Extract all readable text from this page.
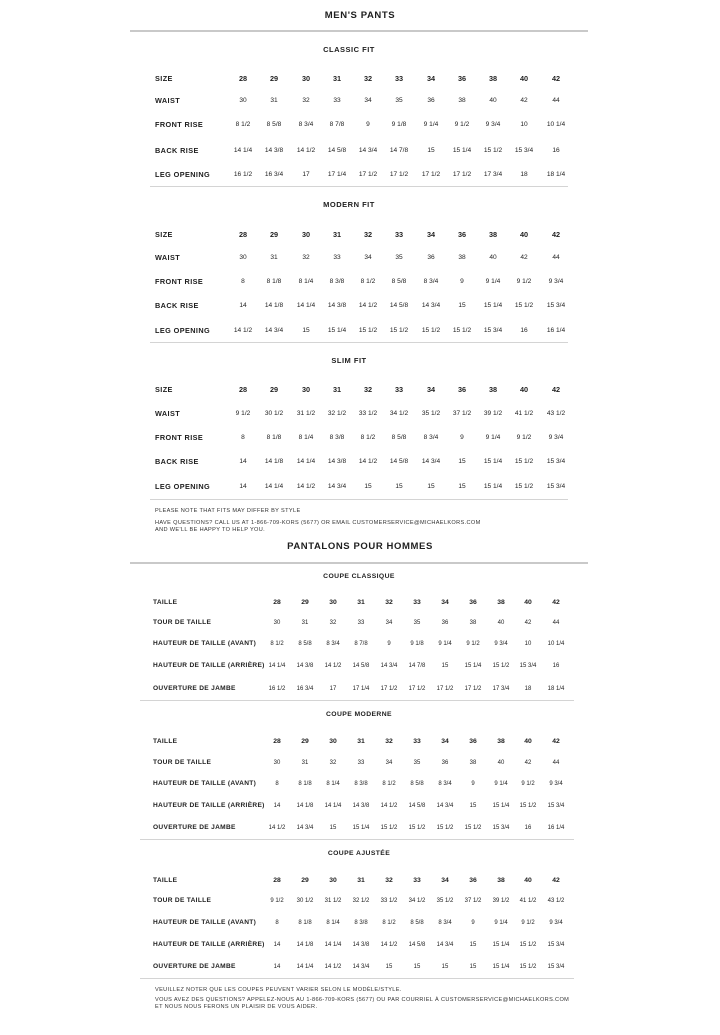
MEN'S PANTS
CLASSIC FIT
SIZE	28	29	30	31	32	33	34	36	38	40	42
WAIST	30	31	32	33	34	35	36	38	40	42	44
FRONT RISE	8 1/2	8 5/8	8 3/4	8 7/8	9	9 1/8	9 1/4	9 1/2	9 3/4	10	10 1/4
BACK RISE	14 1/4	14 3/8	14 1/2	14 5/8	14 3/4	14 7/8	15	15 1/4	15 1/2	15 3/4	16
LEG OPENING	16 1/2	16 3/4	17	17 1/4	17 1/2	17 1/2	17 1/2	17 1/2	17 3/4	18	18 1/4
MODERN FIT
SIZE	28	29	30	31	32	33	34	36	38	40	42
WAIST	30	31	32	33	34	35	36	38	40	42	44
FRONT RISE	8	8 1/8	8 1/4	8 3/8	8 1/2	8 5/8	8 3/4	9	9 1/4	9 1/2	9 3/4
BACK RISE	14	14 1/8	14 1/4	14 3/8	14 1/2	14 5/8	14 3/4	15	15 1/4	15 1/2	15 3/4
LEG OPENING	14 1/2	14 3/4	15	15 1/4	15 1/2	15 1/2	15 1/2	15 1/2	15 3/4	16	16 1/4
SLIM FIT
SIZE	28	29	30	31	32	33	34	36	38	40	42
WAIST	9 1/2	30 1/2	31 1/2	32 1/2	33 1/2	34 1/2	35 1/2	37 1/2	39 1/2	41 1/2	43 1/2
FRONT RISE	8	8 1/8	8 1/4	8 3/8	8 1/2	8 5/8	8 3/4	9	9 1/4	9 1/2	9 3/4
BACK RISE	14	14 1/8	14 1/4	14 3/8	14 1/2	14 5/8	14 3/4	15	15 1/4	15 1/2	15 3/4
LEG OPENING	14	14 1/4	14 1/2	14 3/4	15	15	15	15	15 1/4	15 1/2	15 3/4
PANTALONS POUR HOMMES
COUPE CLASSIQUE
TAILLE	28	29	30	31	32	33	34	36	38	40	42
TOUR DE TAILLE	30	31	32	33	34	35	36	38	40	42	44
HAUTEUR DE TAILLE (AVANT)	8 1/2	8 5/8	8 3/4	8 7/8	9	9 1/8	9 1/4	9 1/2	9 3/4	10	10 1/4
HAUTEUR DE TAILLE (ARRIÈRE) 14 1/4	14 3/8	14 1/2	14 5/8	14 3/4	14 7/8	15	15 1/4	15 1/2	15 3/4	16
OUVERTURE DE JAMBE	16 1/2	16 3/4	17	17 1/4	17 1/2	17 1/2	17 1/2	17 1/2	17 3/4	18	18 1/4
COUPE MODERNE
TAILLE	28	29	30	31	32	33	34	36	38	40	42
TOUR DE TAILLE	30	31	32	33	34	35	36	38	40	42	44
HAUTEUR DE TAILLE (AVANT)	8	8 1/8	8 1/4	8 3/8	8 1/2	8 5/8	8 3/4	9	9 1/4	9 1/2	9 3/4
HAUTEUR DE TAILLE (ARRIÈRE)	14	14 1/8	14 1/4	14 3/8	14 1/2	14 5/8	14 3/4	15	15 1/4	15 1/2	15 3/4
OUVERTURE DE JAMBE	14 1/2	14 3/4	15	15 1/4	15 1/2	15 1/2	15 1/2	15 1/2	15 3/4	16	16 1/4
COUPE AJUSTÉE
TAILLE	28	29	30	31	32	33	34	36	38	40	42
TOUR DE TAILLE	9 1/2	30 1/2	31 1/2	32 1/2	33 1/2	34 1/2	35 1/2	37 1/2	39 1/2	41 1/2	43 1/2
HAUTEUR DE TAILLE (AVANT)	8	8 1/8	8 1/4	8 3/8	8 1/2	8 5/8	8 3/4	9	9 1/4	9 1/2	9 3/4
HAUTEUR DE TAILLE (ARRIÈRE)	14	14 1/8	14 1/4	14 3/8	14 1/2	14 5/8	14 3/4	15	15 1/4	15 1/2	15 3/4
OUVERTURE DE JAMBE	14	14 1/4	14 1/2	14 3/4	15	15	15	15	15 1/4	15 1/2	15 3/4
PLEASE NOTE THAT FITS MAY DIFFER BY STYLE
HAVE QUESTIONS? CALL US AT 1-866-709-KORS (5677) OR EMAIL CUSTOMERSERVICE@MICHAELKORS.COM
AND WE'LL BE HAPPY TO HELP YOU.
VEUILLEZ NOTER QUE LES COUPES PEUVENT VARIER SELON LE MODÈLE/STYLE.
VOUS AVEZ DES QUESTIONS? APPELEZ-NOUS AU 1-866-709-KORS (5677) OU PAR COURRIEL À CUSTOMERSERVICE@MICHAELKORS.COM
ET NOUS NOUS FERONS UN PLAISIR DE VOUS AIDER.
